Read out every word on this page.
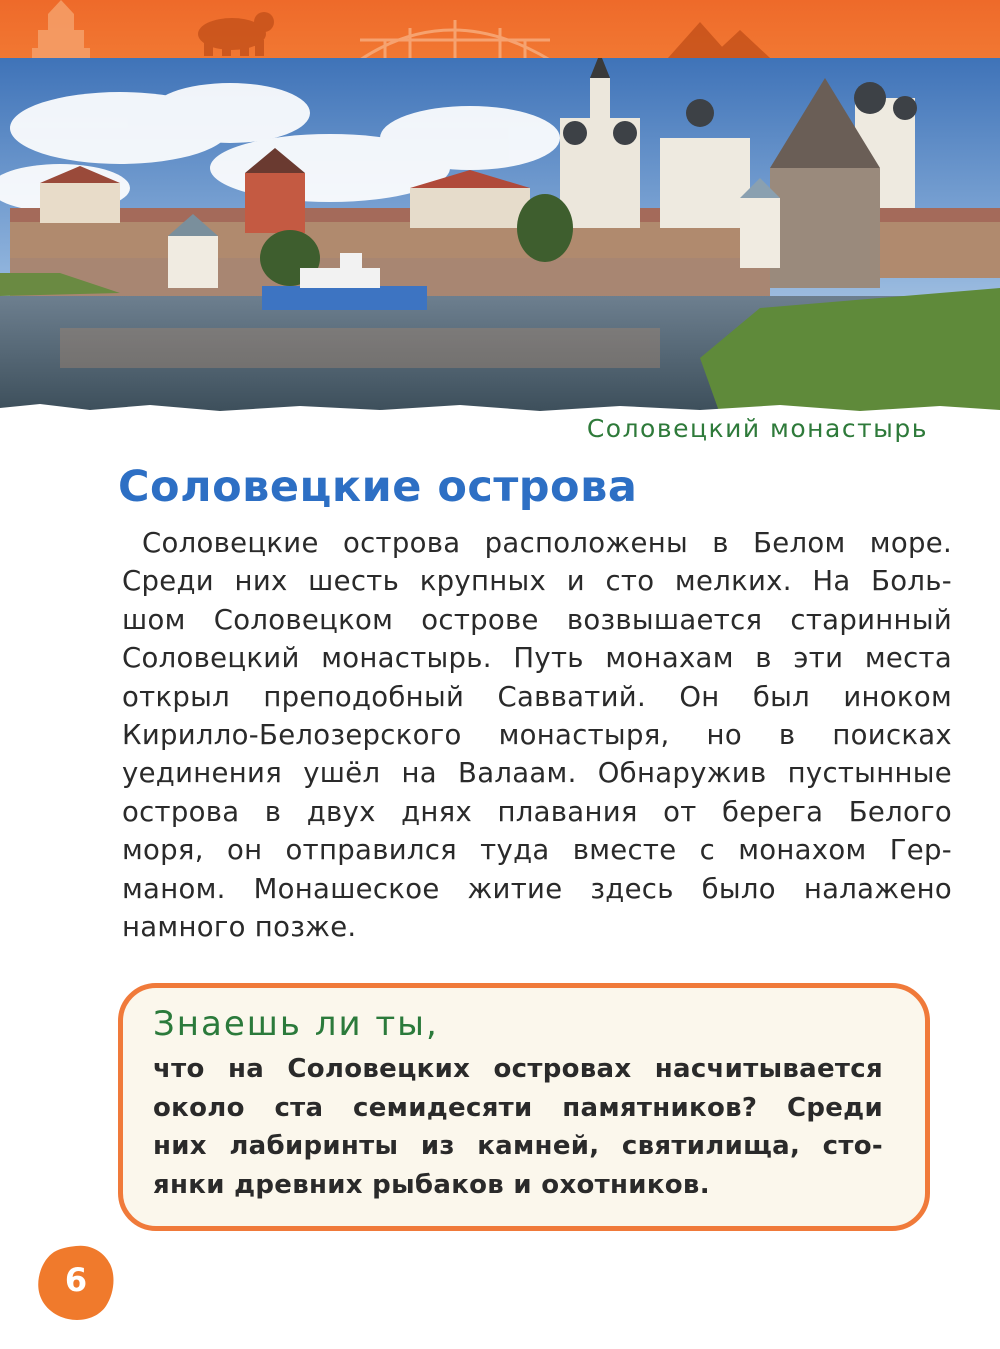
Соловецкий монастырь
Соловецкие острова
Соловецкие острова расположены в Белом море.
Среди них шесть крупных и сто мелких. На Боль-
шом Соловецком острове возвышается старинный
Соловецкий монастырь. Путь монахам в эти места
открыл преподобный Савватий. Он был иноком
Кирилло-Белозерского монастыря, но в поисках
уединения ушёл на Валаам. Обнаружив пустынные
острова в двух днях плавания от берега Белого
моря, он отправился туда вместе с монахом Гер-
маном. Монашеское житие здесь было налажено
намного позже.
Знаешь ли ты,
что на Соловецких островах насчитывается
около ста семидесяти памятников? Среди
них лабиринты из камней, святилища, сто-
янки древних рыбаков и охотников.
6
